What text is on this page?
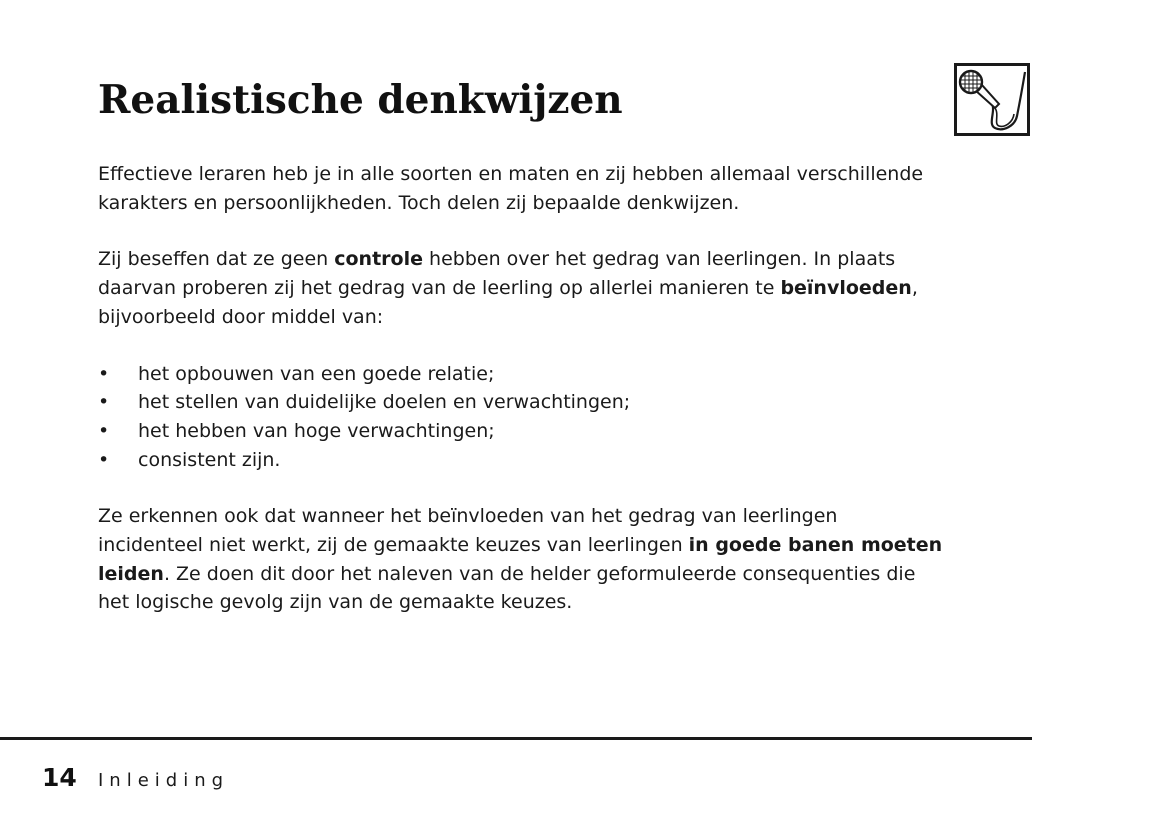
Realistische denkwijzen

Effectieve leraren heb je in alle soorten en maten en zij hebben allemaal verschillende
karakters en persoonlijkheden. Toch delen zij bepaalde denkwijzen.

Zij beseffen dat ze geen controle hebben over het gedrag van leerlingen. In plaats
daarvan proberen zij het gedrag van de leerling op allerlei manieren te beïnvloeden,
bijvoorbeeld door middel van:

• het opbouwen van een goede relatie;
• het stellen van duidelijke doelen en verwachtingen;
• het hebben van hoge verwachtingen;
• consistent zijn.

Ze erkennen ook dat wanneer het beïnvloeden van het gedrag van leerlingen
incidenteel niet werkt, zij de gemaakte keuzes van leerlingen in goede banen moeten
leiden. Ze doen dit door het naleven van de helder geformuleerde consequenties die
het logische gevolg zijn van de gemaakte keuzes.

14 Inleiding
